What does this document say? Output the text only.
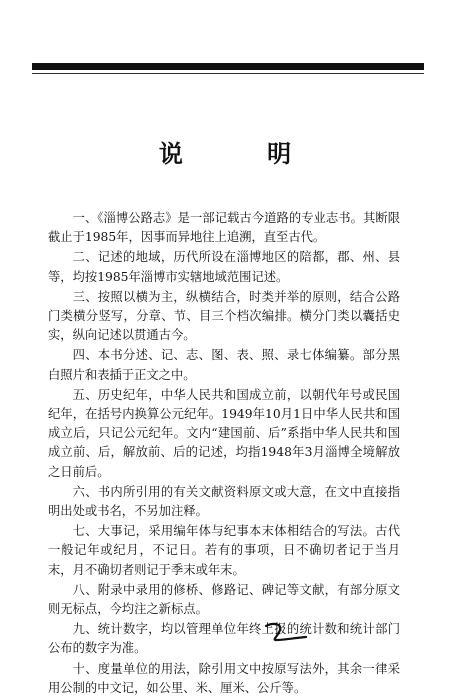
说 明

一、《淄博公路志》是一部记载古今道路的专业志书。其断限截止于1985年，因事而异地往上追溯，直至古代。

二、记述的地域，历代所设在淄博地区的陪都，郡、州、县等，均按1985年淄博市实辖地域范围记述。

三、按照以横为主，纵横结合，时类并举的原则，结合公路门类横分竖写，分章、节、目三个档次编排。横分门类以囊括史实，纵向记述以贯通古今。

四、本书分述、记、志、图、表、照、录七体编纂。部分黑白照片和表插于正文之中。

五、历史纪年，中华人民共和国成立前，以朝代年号或民国纪年，在括号内换算公元纪年。1949年10月1日中华人民共和国成立后，只记公元纪年。文内“建国前、后”系指中华人民共和国成立前、后，解放前、后的记述，均指1948年3月淄博全境解放之日前后。

六、书内所引用的有关文献资料原文或大意，在文中直接指明出处或书名，不另加注释。

七、大事记，采用编年体与纪事本末体相结合的写法。古代一般记年或纪月，不记日。若有的事项，日不确切者记于当月末，月不确切者则记于季末或年末。

八、附录中录用的修桥、修路记、碑记等文献，有部分原文则无标点，今均注之新标点。

九、统计数字，均以管理单位年终上报的统计数和统计部门公布的数字为准。

十、度量单位的用法，除引用文中按原写法外，其余一律采用公制的中文记，如公里、米、厘米、公斤等。
